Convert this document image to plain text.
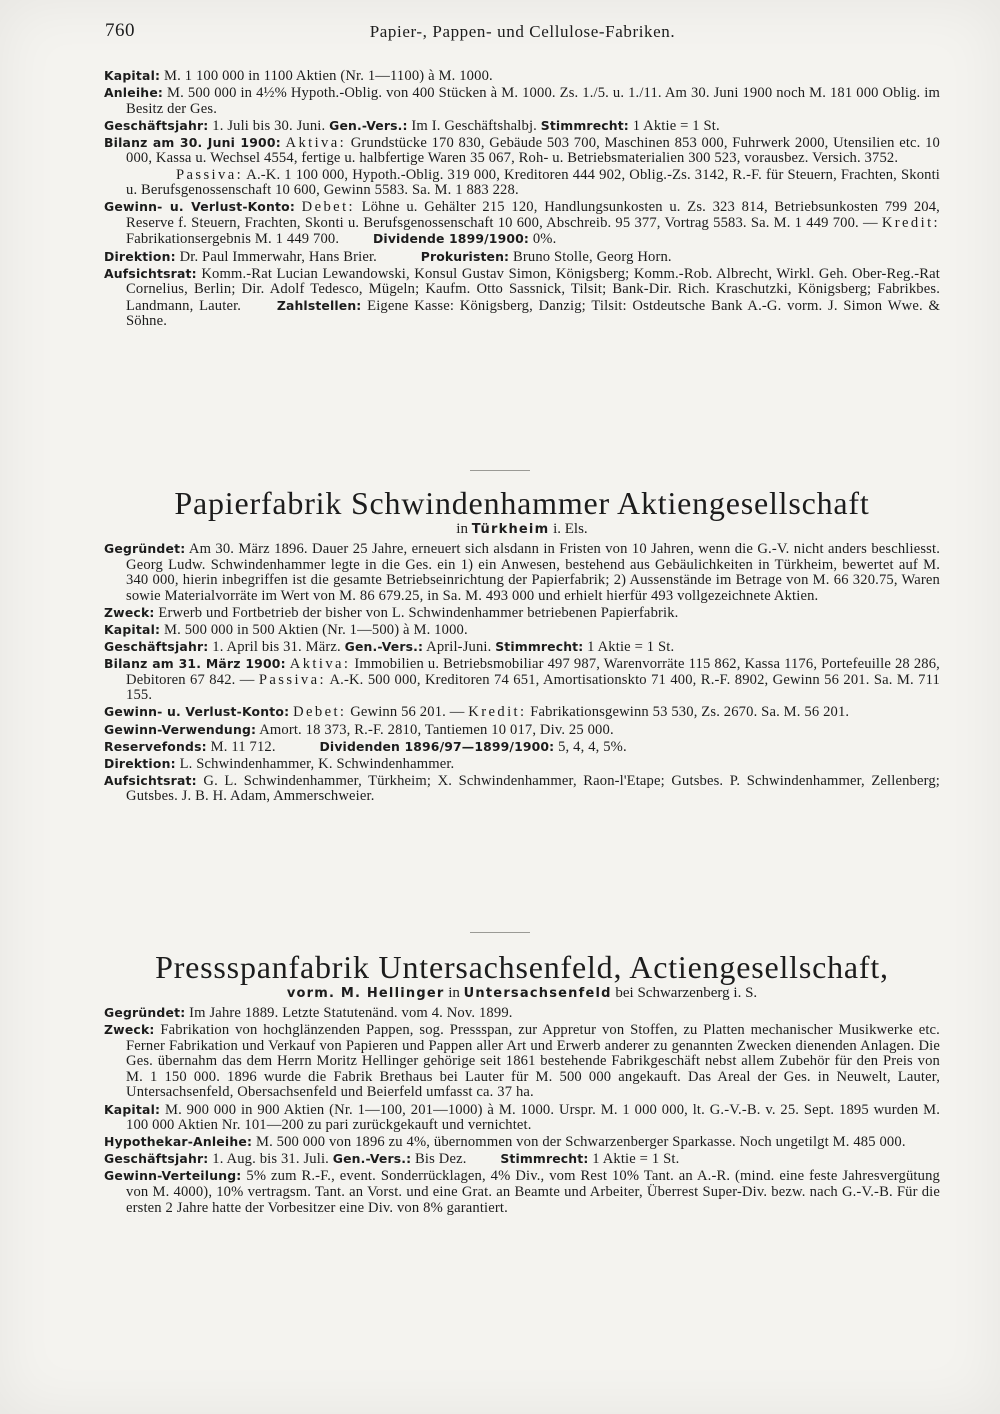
760	Papier-, Pappen- und Cellulose-Fabriken.

Kapital: M. 1 100 000 in 1100 Aktien (Nr. 1—1100) à M. 1000.

Anleihe: M. 500 000 in 4½% Hypoth.-Oblig. von 400 Stücken à M. 1000. Zs. 1./5. u. 1./11. Am 30. Juni 1900 noch M. 181 000 Oblig. im Besitz der Ges.

Geschäftsjahr: 1. Juli bis 30. Juni. Gen.-Vers.: Im I. Geschäftshalbj. Stimmrecht: 1 Aktie = 1 St.

Bilanz am 30. Juni 1900: Aktiva: Grundstücke 170 830, Gebäude 503 700, Maschinen 853 000, Fuhrwerk 2000, Utensilien etc. 10 000, Kassa u. Wechsel 4554, fertige u. halbfertige Waren 35 067, Roh- u. Betriebsmaterialien 300 523, vorausbez. Versich. 3752.

Passiva: A.-K. 1 100 000, Hypoth.-Oblig. 319 000, Kreditoren 444 902, Oblig.-Zs. 3142, R.-F. für Steuern, Frachten, Skonti u. Berufsgenossenschaft 10 600, Gewinn 5583. Sa. M. 1 883 228.

Gewinn- u. Verlust-Konto: Debet: Löhne u. Gehälter 215 120, Handlungsunkosten u. Zs. 323 814, Betriebsunkosten 799 204, Reserve f. Steuern, Frachten, Skonti u. Berufsgenossenschaft 10 600, Abschreib. 95 377, Vortrag 5583. Sa. M. 1 449 700. — Kredit: Fabrikationsergebnis M. 1 449 700.	Dividende 1899/1900: 0%.

Direktion: Dr. Paul Immerwahr, Hans Brier.	Prokuristen: Bruno Stolle, Georg Horn.

Aufsichtsrat: Komm.-Rat Lucian Lewandowski, Konsul Gustav Simon, Königsberg; Komm.-Rob. Albrecht, Wirkl. Geh. Ober-Reg.-Rat Cornelius, Berlin; Dir. Adolf Tedesco, Mügeln; Kaufm. Otto Sassnick, Tilsit; Bank-Dir. Rich. Kraschutzki, Königsberg; Fabrikbes. Landmann, Lauter.	Zahlstellen: Eigene Kasse: Königsberg, Danzig; Tilsit: Ostdeutsche Bank A.-G. vorm. J. Simon Wwe. & Söhne.

Papierfabrik Schwindenhammer Aktiengesellschaft

in Türkheim i. Els.

Gegründet: Am 30. März 1896. Dauer 25 Jahre, erneuert sich alsdann in Fristen von 10 Jahren, wenn die G.-V. nicht anders beschliesst. Georg Ludw. Schwindenhammer legte in die Ges. ein 1) ein Anwesen, bestehend aus Gebäulichkeiten in Türkheim, bewertet auf M. 340 000, hierin inbegriffen ist die gesamte Betriebseinrichtung der Papierfabrik; 2) Aussenstände im Betrage von M. 66 320.75, Waren sowie Materialvorräte im Wert von M. 86 679.25, in Sa. M. 493 000 und erhielt hierfür 493 vollgezeichnete Aktien.

Zweck: Erwerb und Fortbetrieb der bisher von L. Schwindenhammer betriebenen Papierfabrik.

Kapital: M. 500 000 in 500 Aktien (Nr. 1—500) à M. 1000.

Geschäftsjahr: 1. April bis 31. März. Gen.-Vers.: April-Juni. Stimmrecht: 1 Aktie = 1 St.

Bilanz am 31. März 1900: Aktiva: Immobilien u. Betriebsmobiliar 497 987, Warenvorräte 115 862, Kassa 1176, Portefeuille 28 286, Debitoren 67 842. — Passiva: A.-K. 500 000, Kreditoren 74 651, Amortisationskto 71 400, R.-F. 8902, Gewinn 56 201. Sa. M. 711 155.

Gewinn- u. Verlust-Konto: Debet: Gewinn 56 201. — Kredit: Fabrikationsgewinn 53 530, Zs. 2670. Sa. M. 56 201.

Gewinn-Verwendung: Amort. 18 373, R.-F. 2810, Tantiemen 10 017, Div. 25 000.

Reservefonds: M. 11 712.	Dividenden 1896/97—1899/1900: 5, 4, 4, 5%.

Direktion: L. Schwindenhammer, K. Schwindenhammer.

Aufsichtsrat: G. L. Schwindenhammer, Türkheim; X. Schwindenhammer, Raon-l'Etape; Gutsbes. P. Schwindenhammer, Zellenberg; Gutsbes. J. B. H. Adam, Ammerschweier.

Pressspanfabrik Untersachsenfeld, Actiengesellschaft,

vorm. M. Hellinger in Untersachsenfeld bei Schwarzenberg i. S.

Gegründet: Im Jahre 1889. Letzte Statutenänd. vom 4. Nov. 1899.

Zweck: Fabrikation von hochglänzenden Pappen, sog. Pressspan, zur Appretur von Stoffen, zu Platten mechanischer Musikwerke etc. Ferner Fabrikation und Verkauf von Papieren und Pappen aller Art und Erwerb anderer zu genannten Zwecken dienenden Anlagen. Die Ges. übernahm das dem Herrn Moritz Hellinger gehörige seit 1861 bestehende Fabrikgeschäft nebst allem Zubehör für den Preis von M. 1 150 000. 1896 wurde die Fabrik Brethaus bei Lauter für M. 500 000 angekauft. Das Areal der Ges. in Neuwelt, Lauter, Untersachsenfeld, Obersachsenfeld und Beierfeld umfasst ca. 37 ha.

Kapital: M. 900 000 in 900 Aktien (Nr. 1—100, 201—1000) à M. 1000. Urspr. M. 1 000 000, lt. G.-V.-B. v. 25. Sept. 1895 wurden M. 100 000 Aktien Nr. 101—200 zu pari zurückgekauft und vernichtet.

Hypothekar-Anleihe: M. 500 000 von 1896 zu 4%, übernommen von der Schwarzenberger Sparkasse. Noch ungetilgt M. 485 000.

Geschäftsjahr: 1. Aug. bis 31. Juli. Gen.-Vers.: Bis Dez.	Stimmrecht: 1 Aktie = 1 St.

Gewinn-Verteilung: 5% zum R.-F., event. Sonderrücklagen, 4% Div., vom Rest 10% Tant. an A.-R. (mind. eine feste Jahresvergütung von M. 4000), 10% vertragsm. Tant. an Vorst. und eine Grat. an Beamte und Arbeiter, Überrest Super-Div. bezw. nach G.-V.-B. Für die ersten 2 Jahre hatte der Vorbesitzer eine Div. von 8% garantiert.
